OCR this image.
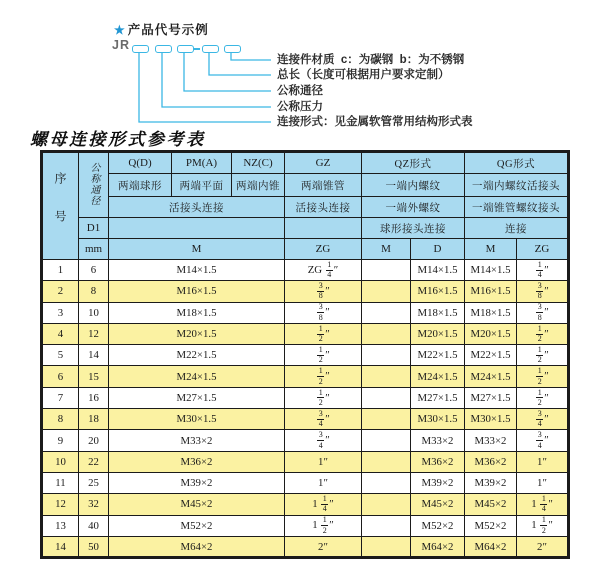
★ 产品代号示例
JR
连接件材质  c：为碳钢  b：为不锈钢
总长（长度可根据用户要求定制）
公称通径
公称压力
连接形式：见金属软管常用结构形式表
螺母连接形式参考表
序号	公称通径	Q(D)	PM(A)	NZ(C)	GZ	QZ形式		QG形式	
		两端球形	两端平面	两端内锥	两端锥管	一端内螺纹		一端内螺纹活接头	
		活接头连接			活接头连接	一端外螺纹		一端锥管螺纹接头	
	D1					球形接头连接		连接	
	mm	M			ZG	M	D	M	ZG
1	6	M14×1.5			ZG $\frac{1}{4}$ ″		M14×1.5	M14×1.5	$\frac{1}{4}$ ″
2	8	M16×1.5			$\frac{3}{8}$ ″		M16×1.5	M16×1.5	$\frac{3}{8}$ ″
3	10	M18×1.5			$\frac{3}{8}$ ″		M18×1.5	M18×1.5	$\frac{3}{8}$ ″
4	12	M20×1.5			$\frac{1}{2}$ ″		M20×1.5	M20×1.5	$\frac{1}{2}$ ″
5	14	M22×1.5			$\frac{1}{2}$ ″		M22×1.5	M22×1.5	$\frac{1}{2}$ ″
6	15	M24×1.5			$\frac{1}{2}$ ″		M24×1.5	M24×1.5	$\frac{1}{2}$ ″
7	16	M27×1.5			$\frac{1}{2}$ ″		M27×1.5	M27×1.5	$\frac{1}{2}$ ″
8	18	M30×1.5			$\frac{3}{4}$ ″		M30×1.5	M30×1.5	$\frac{3}{4}$ ″
9	20	M33×2			$\frac{3}{4}$ ″		M33×2	M33×2	$\frac{3}{4}$ ″
10	22	M36×2			1″		M36×2	M36×2	1″
11	25	M39×2			1″		M39×2	M39×2	1″
12	32	M45×2			$1 \frac{1}{4}$ ″		M45×2	M45×2	$1 \frac{1}{4}$ ″
13	40	M52×2			$1 \frac{1}{2}$ ″		M52×2	M52×2	$1 \frac{1}{2}$ ″
14	50	M64×2			2″		M64×2	M64×2	2″
